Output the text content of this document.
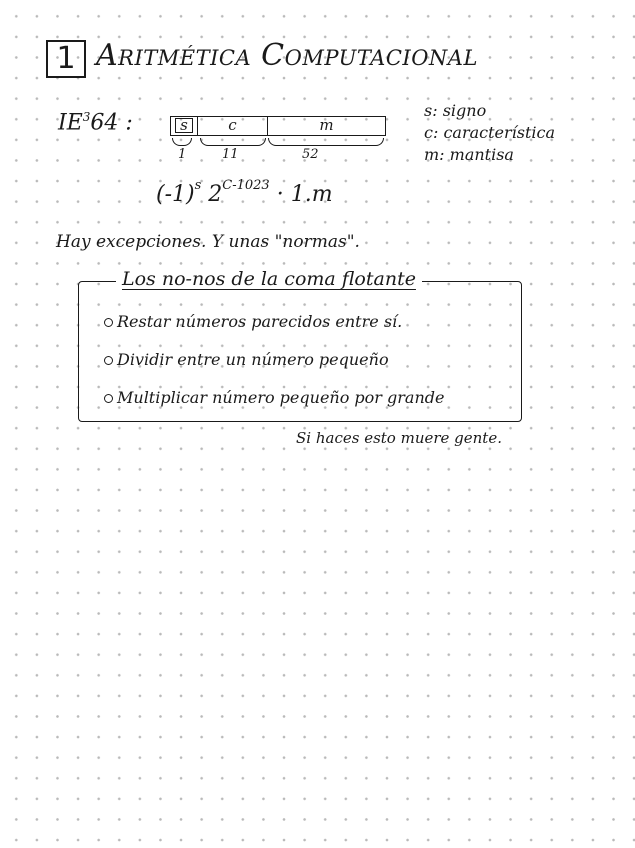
1 Aritmética Computacional
$IE^364$ :	s	c	m
1	11	52
s: signo
c: característica
m: mantisa
$(-1)^s$ $2^{C-1023} \cdot 1.m$
Hay excepciones. Y unas "normas".
Los no-nos de la coma flotante
Restar números parecidos entre sí.
Dividir entre un número pequeño
Multiplicar número pequeño por grande
Si haces esto muere gente.
